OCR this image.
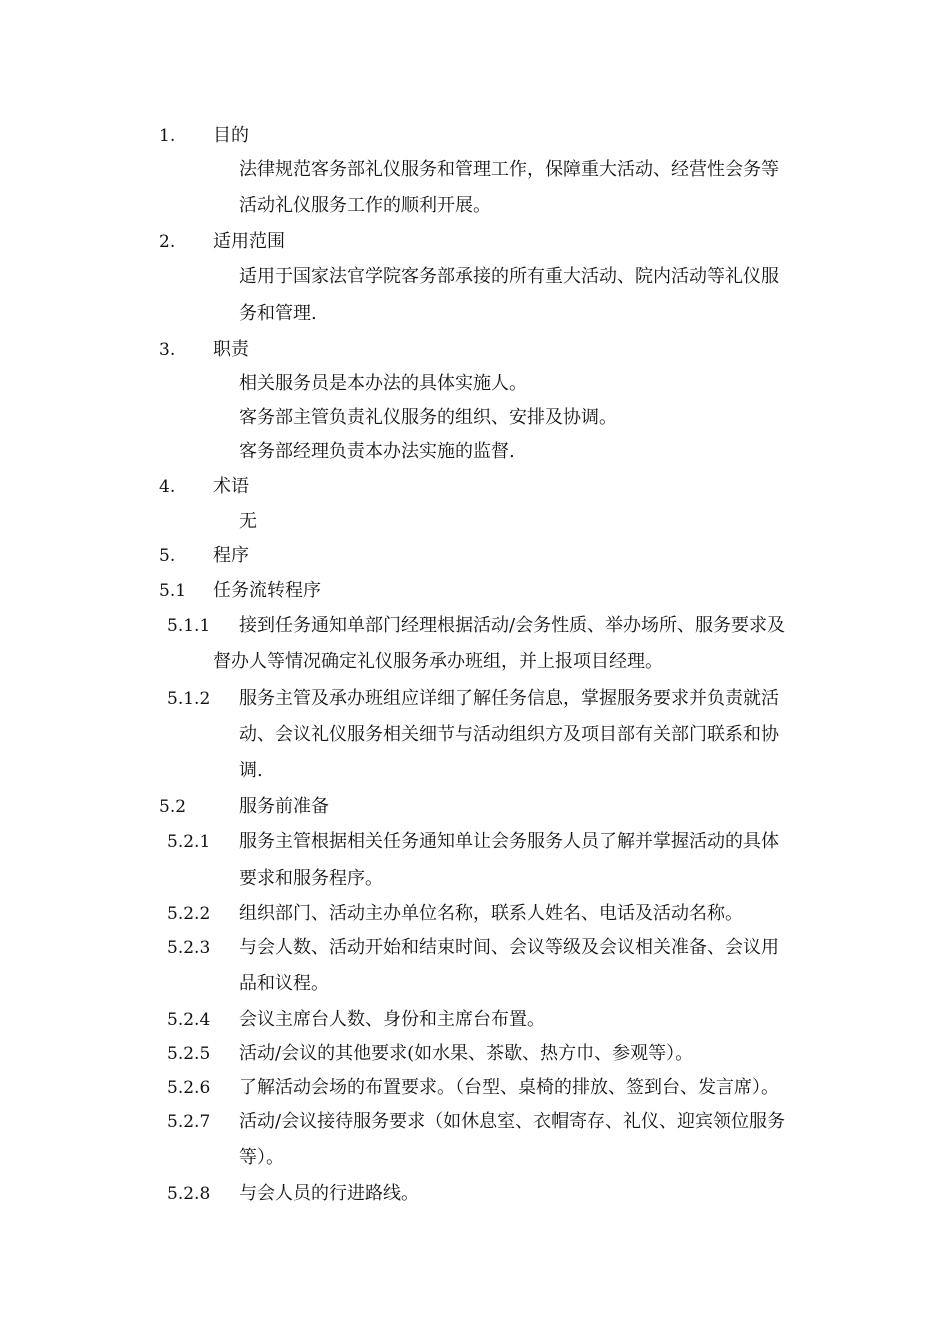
1. 目的
法律规范客务部礼仪服务和管理工作，保障重大活动、经营性会务等
活动礼仪服务工作的顺利开展。
2. 适用范围
适用于国家法官学院客务部承接的所有重大活动、院内活动等礼仪服
务和管理.
3. 职责
相关服务员是本办法的具体实施人。
客务部主管负责礼仪服务的组织、安排及协调。
客务部经理负责本办法实施的监督.
4. 术语
无
5. 程序
5.1 任务流转程序
5.1.1 接到任务通知单部门经理根据活动/会务性质、举办场所、服务要求及
督办人等情况确定礼仪服务承办班组，并上报项目经理。
5.1.2 服务主管及承办班组应详细了解任务信息，掌握服务要求并负责就活
动、会议礼仪服务相关细节与活动组织方及项目部有关部门联系和协
调.
5.2	服务前准备
5.2.1 服务主管根据相关任务通知单让会务服务人员了解并掌握活动的具体
要求和服务程序。
5.2.2 组织部门、活动主办单位名称，联系人姓名、电话及活动名称。
5.2.3 与会人数、活动开始和结束时间、会议等级及会议相关准备、会议用
品和议程。
5.2.4 会议主席台人数、身份和主席台布置。
5.2.5 活动/会议的其他要求(如水果、茶歇、热方巾、参观等）。
5.2.6 了解活动会场的布置要求。（台型、桌椅的排放、签到台、发言席）。
5.2.7 活动/会议接待服务要求（如休息室、衣帽寄存、礼仪、迎宾领位服务
等）。
5.2.8 与会人员的行进路线。
